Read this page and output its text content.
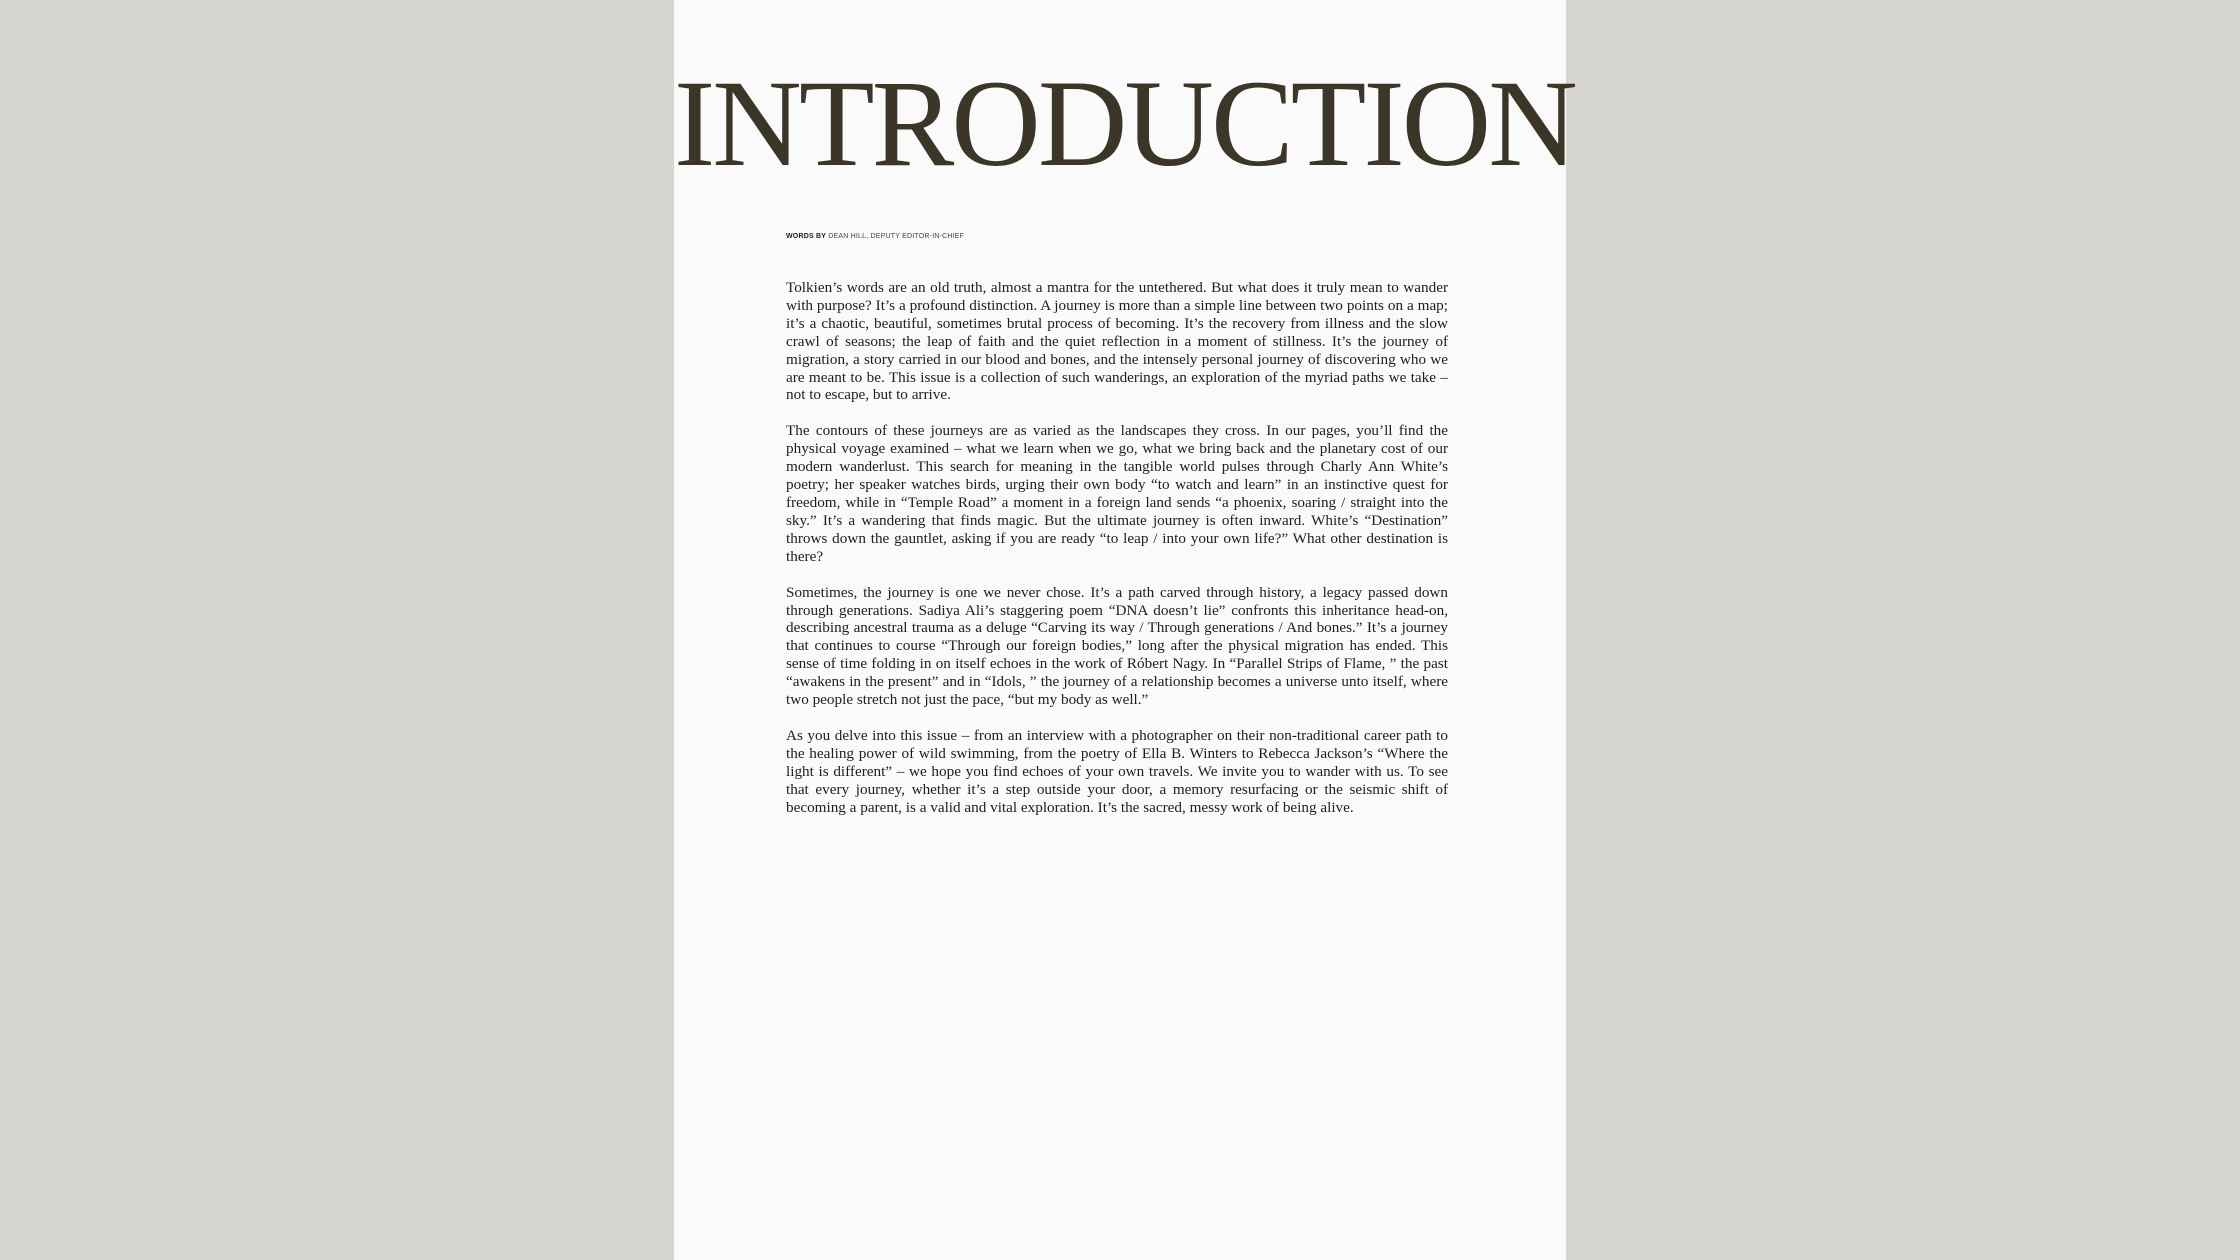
INTRODUCTION
WORDS BY DEAN HILL, DEPUTY EDITOR-IN-CHIEF

Tolkien’s words are an old truth, almost a mantra for the untethered. But what does it truly mean to wander with purpose? It’s a profound distinction. A journey is more than a simple line between two points on a map; it’s a chaotic, beautiful, sometimes brutal process of becoming. It’s the recovery from illness and the slow crawl of seasons; the leap of faith and the quiet reflection in a moment of stillness. It’s the journey of migration, a story carried in our blood and bones, and the intensely personal journey of discovering who we are meant to be. This issue is a collection of such wanderings, an exploration of the myriad paths we take – not to escape, but to arrive.

The contours of these journeys are as varied as the landscapes they cross. In our pages, you’ll find the physical voyage examined – what we learn when we go, what we bring back and the planetary cost of our modern wanderlust. This search for meaning in the tangible world pulses through Charly Ann White’s poetry; her speaker watches birds, urging their own body “to watch and learn” in an instinctive quest for freedom, while in “Temple Road” a moment in a foreign land sends “a phoenix, soaring / straight into the sky.” It’s a wandering that finds magic. But the ultimate journey is often inward. White’s “Destination” throws down the gauntlet, asking if you are ready “to leap / into your own life?” What other destination is there?

Sometimes, the journey is one we never chose. It’s a path carved through history, a legacy passed down through generations. Sadiya Ali’s staggering poem “DNA doesn’t lie” confronts this inheritance head-on, describing ancestral trauma as a deluge “Carving its way / Through generations / And bones.” It’s a journey that continues to course “Through our foreign bodies,” long after the physical migration has ended. This sense of time folding in on itself echoes in the work of Róbert Nagy. In “Parallel Strips of Flame, ” the past “awakens in the present” and in “Idols, ” the journey of a relationship becomes a universe unto itself, where two people stretch not just the pace, “but my body as well.”

As you delve into this issue – from an interview with a photographer on their non-traditional career path to the healing power of wild swimming, from the poetry of Ella B. Winters to Rebecca Jackson’s “Where the light is different” – we hope you find echoes of your own travels. We invite you to wander with us. To see that every journey, whether it’s a step outside your door, a memory resurfacing or the seismic shift of becoming a parent, is a valid and vital exploration. It’s the sacred, messy work of being alive.
